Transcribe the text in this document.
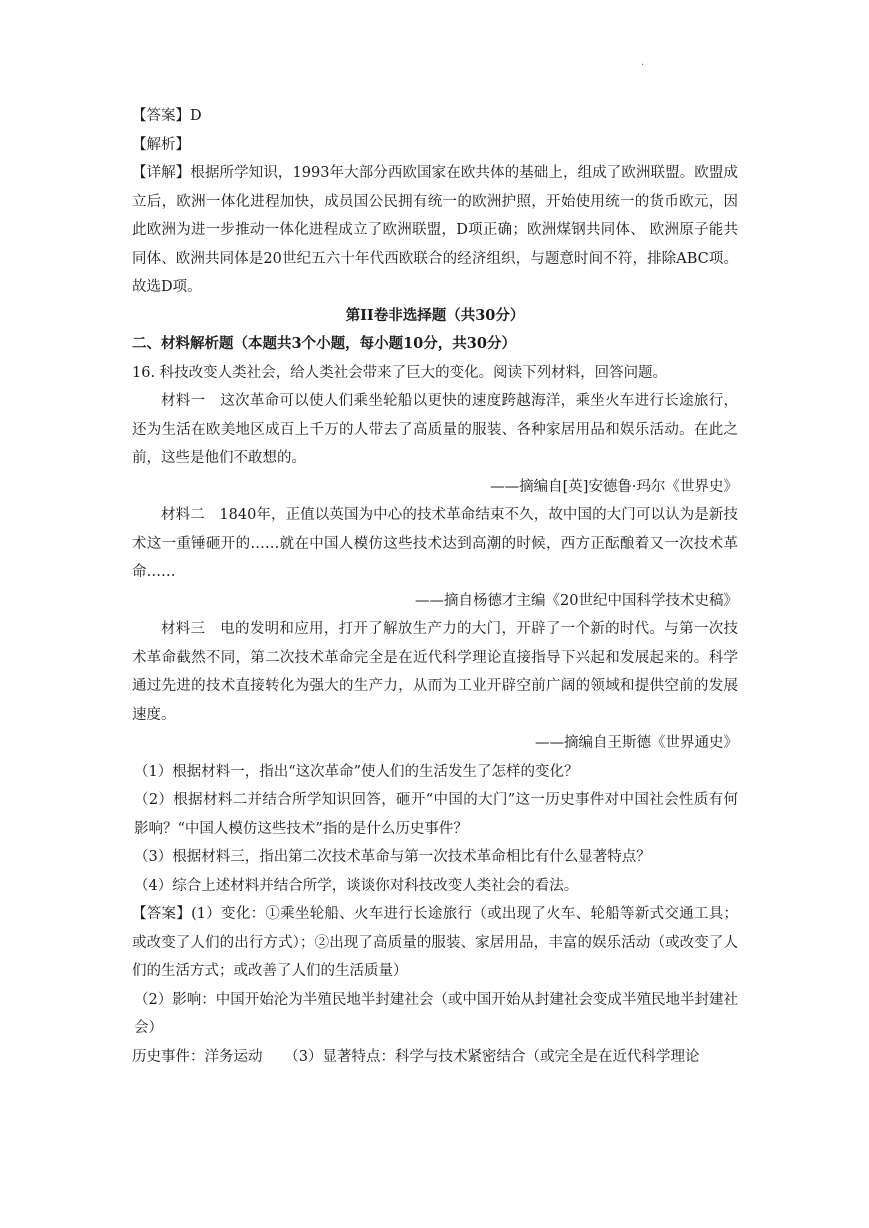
.

【答案】D

【解析】

【详解】根据所学知识，1993年大部分西欧国家在欧共体的基础上，组成了欧洲联盟。欧盟成立后，欧洲一体化进程加快，成员国公民拥有统一的欧洲护照，开始使用统一的货币欧元，因此欧洲为进一步推动一体化进程成立了欧洲联盟，D项正确；欧洲煤钢共同体、 欧洲原子能共同体、欧洲共同体是20世纪五六十年代西欧联合的经济组织，与题意时间不符，排除ABC项。故选D项。

第II卷非选择题（共30分）

二、材料解析题（本题共3个小题，每小题10分，共30分）

16. 科技改变人类社会，给人类社会带来了巨大的变化。阅读下列材料，回答问题。

材料一　这次革命可以使人们乘坐轮船以更快的速度跨越海洋，乘坐火车进行长途旅行，还为生活在欧美地区成百上千万的人带去了高质量的服装、各种家居用品和娱乐活动。在此之前，这些是他们不敢想的。

——摘编自[英]安德鲁·玛尔《世界史》

材料二　1840年，正值以英国为中心的技术革命结束不久，故中国的大门可以认为是新技术这一重锤砸开的……就在中国人模仿这些技术达到高潮的时候，西方正酝酿着又一次技术革命……

——摘自杨德才主编《20世纪中国科学技术史稿》

材料三　电的发明和应用，打开了解放生产力的大门，开辟了一个新的时代。与第一次技术革命截然不同，第二次技术革命完全是在近代科学理论直接指导下兴起和发展起来的。科学通过先进的技术直接转化为强大的生产力，从而为工业开辟空前广阔的领域和提供空前的发展速度。

——摘编自王斯德《世界通史》

（1）根据材料一，指出“这次革命”使人们的生活发生了怎样的变化？

（2）根据材料二并结合所学知识回答，砸开“中国的大门”这一历史事件对中国社会性质有何影响？“中国人模仿这些技术”指的是什么历史事件？

（3）根据材料三，指出第二次技术革命与第一次技术革命相比有什么显著特点？

（4）综合上述材料并结合所学，谈谈你对科技改变人类社会的看法。

【答案】(1）变化：①乘坐轮船、火车进行长途旅行（或出现了火车、轮船等新式交通工具；或改变了人们的出行方式）；②出现了高质量的服装、家居用品，丰富的娱乐活动（或改变了人们的生活方式；或改善了人们的生活质量）

（2）影响：中国开始沦为半殖民地半封建社会（或中国开始从封建社会变成半殖民地半封建社会）

历史事件：洋务运动　　（3）显著特点：科学与技术紧密结合（或完全是在近代科学理论
